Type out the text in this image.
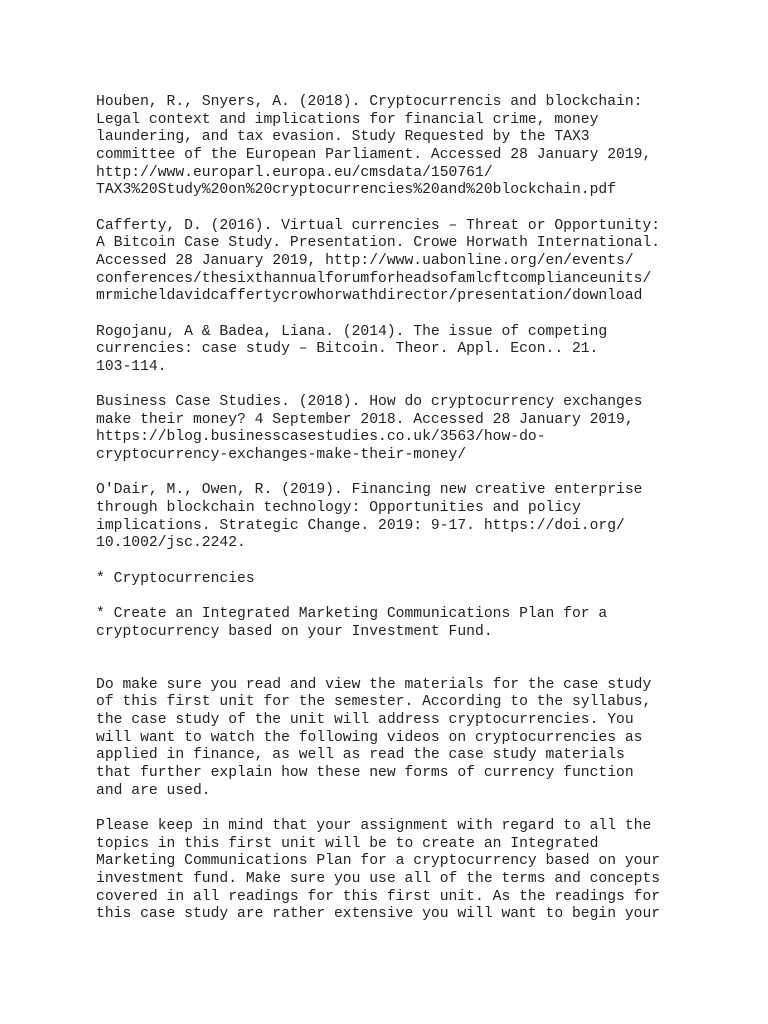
Houben, R., Snyers, A. (2018). Cryptocurrencis and blockchain:
Legal context and implications for financial crime, money
laundering, and tax evasion. Study Requested by the TAX3
committee of the European Parliament. Accessed 28 January 2019,
http://www.europarl.europa.eu/cmsdata/150761/
TAX3%20Study%20on%20cryptocurrencies%20and%20blockchain.pdf
Cafferty, D. (2016). Virtual currencies – Threat or Opportunity:
A Bitcoin Case Study. Presentation. Crowe Horwath International.
Accessed 28 January 2019, http://www.uabonline.org/en/events/
conferences/thesixthannualforumforheadsofamlcftcomplianceunits/
mrmicheldavidcaffertycrowhorwathdirector/presentation/download
Rogojanu, A & Badea, Liana. (2014). The issue of competing
currencies: case study – Bitcoin. Theor. Appl. Econ.. 21.
103-114.
Business Case Studies. (2018). How do cryptocurrency exchanges
make their money? 4 September 2018. Accessed 28 January 2019,
https://blog.businesscasestudies.co.uk/3563/how-do-
cryptocurrency-exchanges-make-their-money/
O'Dair, M., Owen, R. (2019). Financing new creative enterprise
through blockchain technology: Opportunities and policy
implications. Strategic Change. 2019: 9-17. https://doi.org/
10.1002/jsc.2242.
* Cryptocurrencies
* Create an Integrated Marketing Communications Plan for a
cryptocurrency based on your Investment Fund.
Do make sure you read and view the materials for the case study
of this first unit for the semester. According to the syllabus,
the case study of the unit will address cryptocurrencies. You
will want to watch the following videos on cryptocurrencies as
applied in finance, as well as read the case study materials
that further explain how these new forms of currency function
and are used.
Please keep in mind that your assignment with regard to all the
topics in this first unit will be to create an Integrated
Marketing Communications Plan for a cryptocurrency based on your
investment fund. Make sure you use all of the terms and concepts
covered in all readings for this first unit. As the readings for
this case study are rather extensive you will want to begin your
